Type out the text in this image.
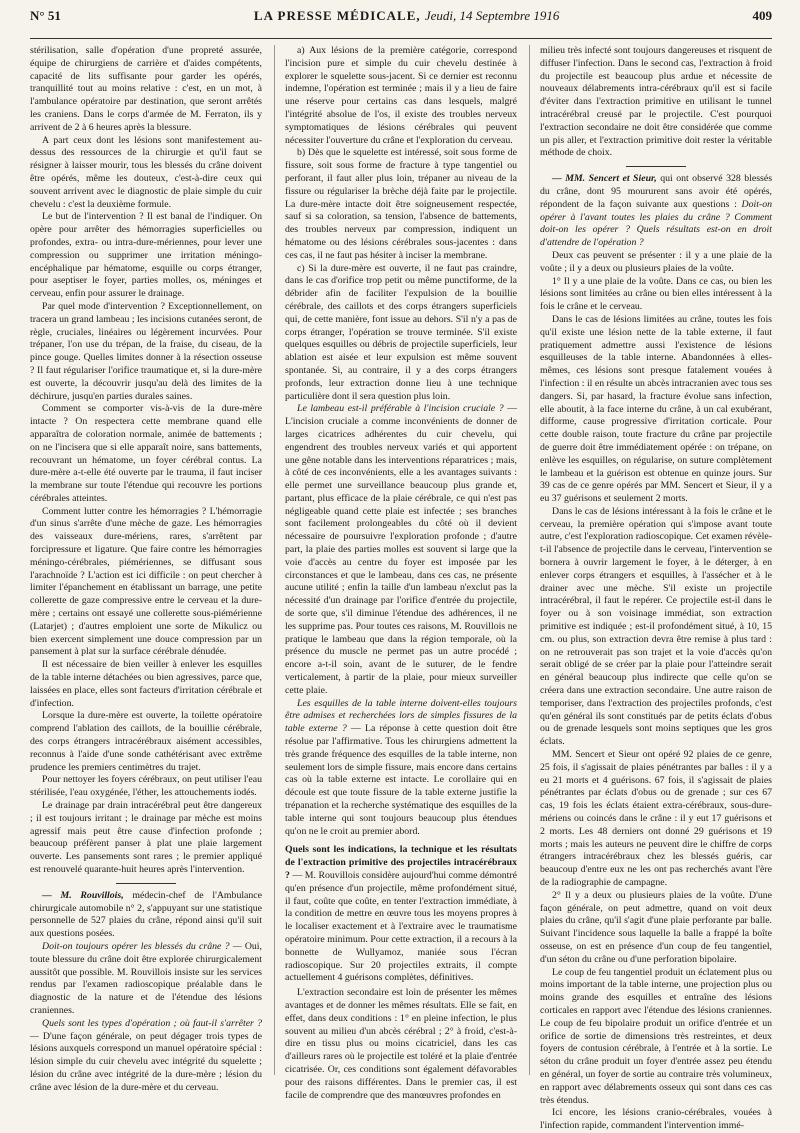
N° 51	LA PRESSE MÉDICALE, Jeudi, 14 Septembre 1916	409

stérilisation, salle d'opération d'une propreté assurée, équipe de chirurgiens de carrière et d'aides compétents, capacité de lits suffisante pour garder les opérés, tranquillité tout au moins relative : c'est, en un mot, à l'ambulance opératoire par destination, que seront arrêtés les craniens. Dans le corps d'armée de M. Ferraton, ils y arrivent de 2 à 6 heures après la blessure.

A part ceux dont les lésions sont manifestement au-dessus des ressources de la chirurgie et qu'il faut se résigner à laisser mourir, tous les blessés du crâne doivent être opérés, même les douteux, c'est-à-dire ceux qui souvent arrivent avec le diagnostic de plaie simple du cuir chevelu : c'est la deuxième formule.

Le but de l'intervention ? Il est banal de l'indiquer. On opère pour arrêter des hémorragies superficielles ou profondes, extra- ou intra-dure-mériennes, pour lever une compression ou supprimer une irritation méningo-encéphalique par hématome, esquille ou corps étranger, pour aseptiser le foyer, parties molles, os, méninges et cerveau, enfin pour assurer le drainage.

Par quel mode d'intervention ? Exceptionnellement, on tracera un grand lambeau ; les incisions cutanées seront, de règle, cruciales, linéaires ou légèrement incurvées. Pour trépaner, l'on use du trépan, de la fraise, du ciseau, de la pince gouge. Quelles limites donner à la résection osseuse ? Il faut régulariser l'orifice traumatique et, si la dure-mère est ouverte, la découvrir jusqu'au delà des limites de la déchirure, jusqu'en parties durales saines.

Comment se comporter vis-à-vis de la dure-mère intacte ? On respectera cette membrane quand elle apparaîtra de coloration normale, animée de battements ; on ne l'incisera que si elle apparaît noire, sans battements, recouvrant un hématome, un foyer cérébral contus. La dure-mère a-t-elle été ouverte par le trauma, il faut inciser la membrane sur toute l'étendue qui recouvre les portions cérébrales atteintes.

Comment lutter contre les hémorragies ? L'hémorragie d'un sinus s'arrête d'une mèche de gaze. Les hémorragies des vaisseaux dure-mériens, rares, s'arrêtent par forcipressure et ligature. Que faire contre les hémorragies méningo-cérébrales, piémériennes, se diffusant sous l'arachnoïde ? L'action est ici difficile : on peut chercher à limiter l'épanchement en établissant un barrage, une petite collerette de gaze compressive entre le cerveau et la dure-mère ; certains ont essayé une collerette sous-piémérienne (Latarjet) ; d'autres emploient une sorte de Mikulicz ou bien exercent simplement une douce compression par un pansement à plat sur la surface cérébrale dénudée.

Il est nécessaire de bien veiller à enlever les esquilles de la table interne détachées ou bien agressives, parce que, laissées en place, elles sont facteurs d'irritation cérébrale et d'infection.

Lorsque la dure-mère est ouverte, la toilette opératoire comprend l'ablation des caillots, de la bouillie cérébrale, des corps étrangers intracérébraux aisément accessibles, reconnus à l'aide d'une sonde cathétérisant avec extrême prudence les premiers centimètres du trajet.

Pour nettoyer les foyers cérébraux, on peut utiliser l'eau stérilisée, l'eau oxygénée, l'éther, les attouchements iodés.

Le drainage par drain intracérébral peut être dangereux ; il est toujours irritant ; le drainage par mèche est moins agressif mais peut être cause d'infection profonde ; beaucoup préfèrent panser à plat une plaie largement ouverte. Les pansements sont rares ; le premier appliqué est renouvelé quarante-huit heures après l'intervention.

— M. Rouvillois, médecin-chef de l'Ambulance chirurgicale automobile n° 2, s'appuyant sur une statistique personnelle de 527 plaies du crâne, répond ainsi qu'il suit aux questions posées.

Doit-on toujours opérer les blessés du crâne ? — Oui, toute blessure du crâne doit être explorée chirurgicalement aussitôt que possible. M. Rouvillois insiste sur les services rendus par l'examen radioscopique préalable dans le diagnostic de la nature et de l'étendue des lésions craniennes.

Quels sont les types d'opération ; où faut-il s'arrêter ? — D'une façon générale, on peut dégager trois types de lésions auxquels correspond un manuel opératoire spécial : lésion simple du cuir chevelu avec intégrité du squelette ; lésion du crâne avec intégrité de la dure-mère ; lésion du crâne avec lésion de la dure-mère et du cerveau.

a) Aux lésions de la première catégorie, correspond l'incision pure et simple du cuir chevelu destinée à explorer le squelette sous-jacent. Si ce dernier est reconnu indemne, l'opération est terminée ; mais il y a lieu de faire une réserve pour certains cas dans lesquels, malgré l'intégrité absolue de l'os, il existe des troubles nerveux symptomatiques de lésions cérébrales qui peuvent nécessiter l'ouverture du crâne et l'exploration du cerveau.

b) Dès que le squelette est intéressé, soit sous forme de fissure, soit sous forme de fracture à type tangentiel ou perforant, il faut aller plus loin, trépaner au niveau de la fissure ou régulariser la brèche déjà faite par le projectile. La dure-mère intacte doit être soigneusement respectée, sauf si sa coloration, sa tension, l'absence de battements, des troubles nerveux par compression, indiquent un hématome ou des lésions cérébrales sous-jacentes : dans ces cas, il ne faut pas hésiter à inciser la membrane.

c) Si la dure-mère est ouverte, il ne faut pas craindre, dans le cas d'orifice trop petit ou même punctiforme, de la débrider afin de faciliter l'expulsion de la bouillie cérébrale, des caillots et des corps étrangers superficiels qui, de cette manière, font issue au dehors. S'il n'y a pas de corps étranger, l'opération se trouve terminée. S'il existe quelques esquilles ou débris de projectile superficiels, leur ablation est aisée et leur expulsion est même souvent spontanée. Si, au contraire, il y a des corps étrangers profonds, leur extraction donne lieu à une technique particulière dont il sera question plus loin.

Le lambeau est-il préférable à l'incision cruciale ? — L'incision cruciale a comme inconvénients de donner de larges cicatrices adhérentes du cuir chevelu, qui engendrent des troubles nerveux variés et qui apportent une gêne notable dans les interventions réparatrices ; mais, à côté de ces inconvénients, elle a les avantages suivants : elle permet une surveillance beaucoup plus grande et, partant, plus efficace de la plaie cérébrale, ce qui n'est pas négligeable quand cette plaie est infectée ; ses branches sont facilement prolongeables du côté où il devient nécessaire de poursuivre l'exploration profonde ; d'autre part, la plaie des parties molles est souvent si large que la voie d'accès au centre du foyer est imposée par les circonstances et que le lambeau, dans ces cas, ne présente aucune utilité ; enfin la taille d'un lambeau n'exclut pas la nécessité d'un drainage par l'orifice d'entrée du projectile, de sorte que, s'il diminue l'étendue des adhérences, il ne les supprime pas. Pour toutes ces raisons, M. Rouvillois ne pratique le lambeau que dans la région temporale, où la présence du muscle ne permet pas un autre procédé ; encore a-t-il soin, avant de le suturer, de le fendre verticalement, à partir de la plaie, pour mieux surveiller cette plaie.

Les esquilles de la table interne doivent-elles toujours être admises et recherchées lors de simples fissures de la table externe ? — La réponse à cette question doit être résolue par l'affirmative. Tous les chirurgiens admettent la très grande fréquence des esquilles de la table interne, non seulement lors de simple fissure, mais encore dans certains cas où la table externe est intacte. Le corollaire qui en découle est que toute fissure de la table externe justifie la trépanation et la recherche systématique des esquilles de la table interne qui sont toujours beaucoup plus étendues qu'on ne le croit au premier abord.

Quels sont les indications, la technique et les résultats de l'extraction primitive des projectiles intracérébraux ? — M. Rouvillois considère aujourd'hui comme démontré qu'en présence d'un projectile, même profondément situé, il faut, coûte que coûte, en tenter l'extraction immédiate, à la condition de mettre en œuvre tous les moyens propres à le localiser exactement et à l'extraire avec le traumatisme opératoire minimum. Pour cette extraction, il a recours à la bonnette de Wullyamoz, maniée sous l'écran radioscopique. Sur 20 projectiles extraits, il compte actuellement 4 guérisons complètes, définitives.

L'extraction secondaire est loin de présenter les mêmes avantages et de donner les mêmes résultats. Elle se fait, en effet, dans deux conditions : 1° en pleine infection, le plus souvent au milieu d'un abcès cérébral ; 2° à froid, c'est-à-dire en tissu plus ou moins cicatriciel, dans les cas d'ailleurs rares où le projectile est toléré et la plaie d'entrée cicatrisée. Or, ces conditions sont également défavorables pour des raisons différentes. Dans le premier cas, il est facile de comprendre que des manœuvres profondes en

milieu très infecté sont toujours dangereuses et risquent de diffuser l'infection. Dans le second cas, l'extraction à froid du projectile est beaucoup plus ardue et nécessite de nouveaux délabrements intra-cérébraux qu'il est si facile d'éviter dans l'extraction primitive en utilisant le tunnel intracérébral creusé par le projectile. C'est pourquoi l'extraction secondaire ne doit être considérée que comme un pis aller, et l'extraction primitive doit rester la véritable méthode de choix.

— MM. Sencert et Sieur, qui ont observé 328 blessés du crâne, dont 95 moururent sans avoir été opérés, répondent de la façon suivante aux questions : Doit-on opérer à l'avant toutes les plaies du crâne ? Comment doit-on les opérer ? Quels résultats est-on en droit d'attendre de l'opération ?

Deux cas peuvent se présenter : il y a une plaie de la voûte ; il y a deux ou plusieurs plaies de la voûte.

1° Il y a une plaie de la voûte. Dans ce cas, ou bien les lésions sont limitées au crâne ou bien elles intéressent à la fois le crâne et le cerveau.

Dans le cas de lésions limitées au crâne, toutes les fois qu'il existe une lésion nette de la table externe, il faut pratiquement admettre aussi l'existence de lésions esquilleuses de la table interne. Abandonnées à elles-mêmes, ces lésions sont presque fatalement vouées à l'infection : il en résulte un abcès intracranien avec tous ses dangers. Si, par hasard, la fracture évolue sans infection, elle aboutit, à la face interne du crâne, à un cal exubérant, difforme, cause progressive d'irritation corticale. Pour cette double raison, toute fracture du crâne par projectile de guerre doit être immédiatement opérée : on trépane, on enlève les esquilles, on régularise, on suture complètement le lambeau et la guérison est obtenue en quinze jours. Sur 39 cas de ce genre opérés par MM. Sencert et Sieur, il y a eu 37 guérisons et seulement 2 morts.

Dans le cas de lésions intéressant à la fois le crâne et le cerveau, la première opération qui s'impose avant toute autre, c'est l'exploration radioscopique. Cet examen révèle-t-il l'absence de projectile dans le cerveau, l'intervention se bornera à ouvrir largement le foyer, à le déterger, à en enlever corps étrangers et esquilles, à l'assécher et à le drainer avec une mèche. S'il existe un projectile intracérébral, il faut le repérer. Ce projectile est-il dans le foyer ou à son voisinage immédiat, son extraction primitive est indiquée ; est-il profondément situé, à 10, 15 cm. ou plus, son extraction devra être remise à plus tard : on ne retrouverait pas son trajet et la voie d'accès qu'on serait obligé de se créer par la plaie pour l'atteindre serait en général beaucoup plus indirecte que celle qu'on se créera dans une extraction secondaire. Une autre raison de temporiser, dans l'extraction des projectiles profonds, c'est qu'en général ils sont constitués par de petits éclats d'obus ou de grenade lesquels sont moins septiques que les gros éclats.

MM. Sencert et Sieur ont opéré 92 plaies de ce genre, 25 fois, il s'agissait de plaies pénétrantes par balles : il y a eu 21 morts et 4 guérisons. 67 fois, il s'agissait de plaies pénétrantes par éclats d'obus ou de grenade ; sur ces 67 cas, 19 fois les éclats étaient extra-cérébraux, sous-dure-mériens ou coincés dans le crâne : il y eut 17 guérisons et 2 morts. Les 48 derniers ont donné 29 guérisons et 19 morts ; mais les auteurs ne peuvent dire le chiffre de corps étrangers intracérébraux chez les blessés guéris, car beaucoup d'entre eux ne les ont pas recherchés avant l'ère de la radiographie de campagne.

2° Il y a deux ou plusieurs plaies de la voûte. D'une façon générale, on peut admettre, quand on voit deux plaies du crâne, qu'il s'agit d'une plaie perforante par balle. Suivant l'incidence sous laquelle la balle a frappé la boîte osseuse, on est en présence d'un coup de feu tangentiel, d'un séton du crâne ou d'une perforation bipolaire.

Le coup de feu tangentiel produit un éclatement plus ou moins important de la table interne, une projection plus ou moins grande des esquilles et entraîne des lésions corticales en rapport avec l'étendue des lésions craniennes. Le coup de feu bipolaire produit un orifice d'entrée et un orifice de sortie de dimensions très restreintes, et deux foyers de contusion cérébrale, à l'entrée et à la sortie. Le séton du crâne produit un foyer d'entrée assez peu étendu en général, un foyer de sortie au contraire très volumineux, en rapport avec délabrements osseux qui sont dans ces cas très étendus.

Ici encore, les lésions cranio-cérébrales, vouées à l'infection rapide, commandent l'intervention immé-
